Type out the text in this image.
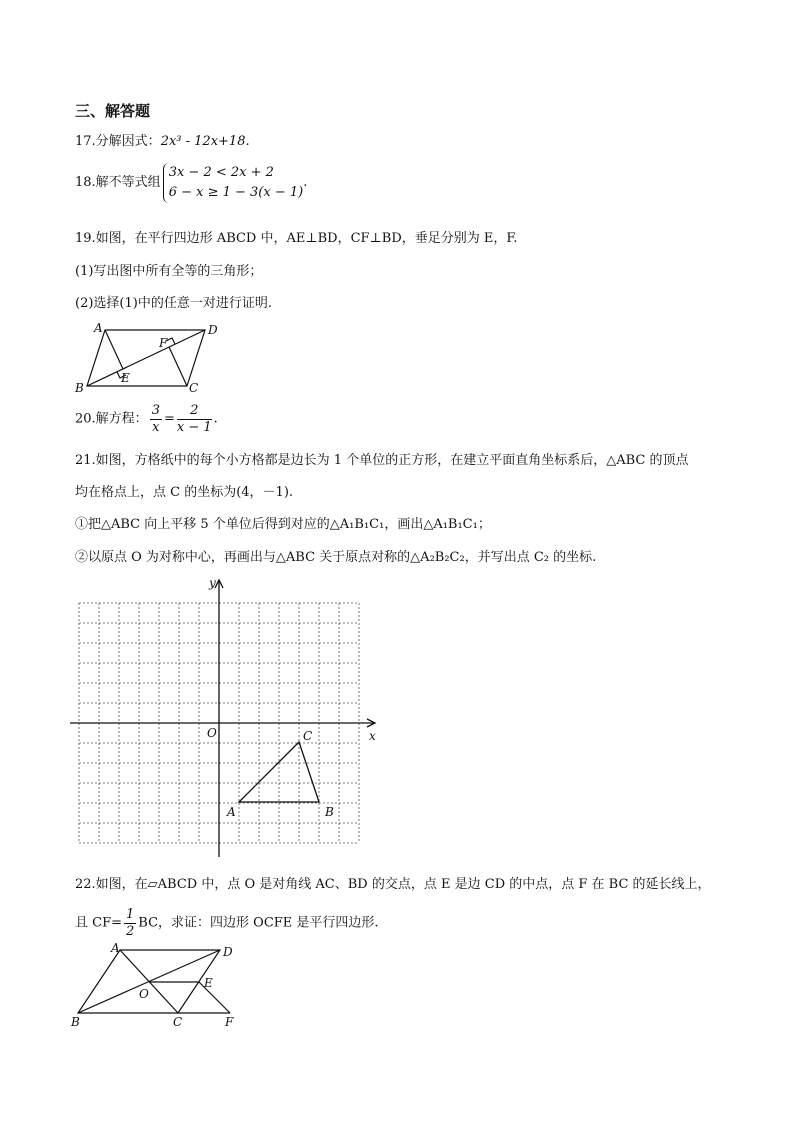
三、解答题
17.分解因式：2x³ - 12x+18.
18.解不等式组
3x − 2 < 2x + 2
6 − x ≥ 1 − 3(x − 1)
.
19.如图，在平行四边形 ABCD 中，AE⊥BD，CF⊥BD，垂足分别为 E，F.
(1)写出图中所有全等的三角形；
(2)选择(1)中的任意一对进行证明.
A	D
B	C
E
F
20.解方程： $\frac{3}{x} = \frac{2}{x - 1}$ .
21.如图，方格纸中的每个小方格都是边长为 1 个单位的正方形，在建立平面直角坐标系后，△ABC 的顶点
均在格点上，点 C 的坐标为(4，－1).
①把△ABC 向上平移 5 个单位后得到对应的△A₁B₁C₁，画出△A₁B₁C₁；
②以原点 O 为对称中心，再画出与△ABC 关于原点对称的△A₂B₂C₂，并写出点 C₂ 的坐标.
x
y
O
A	B
C
22.如图，在▱ABCD 中，点 O 是对角线 AC、BD 的交点，点 E 是边 CD 的中点，点 F 在 BC 的延长线上，
且 $CF= \frac{1}{2}$ BC，求证：四边形 OCFE 是平行四边形.
A	D
B	C
O
E
F
